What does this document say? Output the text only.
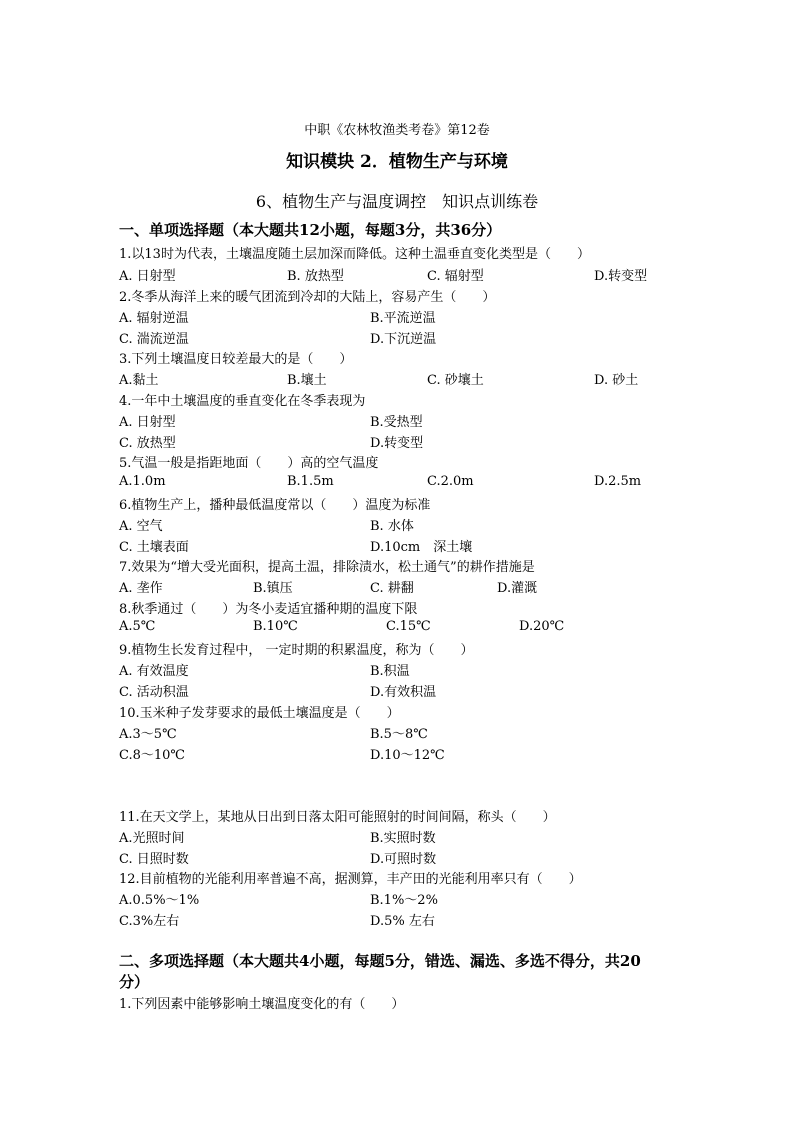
中职《农林牧渔类考卷》第12卷
知识模块 2．植物生产与环境
6、植物生产与温度调控　知识点训练卷
一、单项选择题（本大题共12小题，每题3分，共36分）
1.以13时为代表，土壤温度随土层加深而降低。这种土温垂直变化类型是（　　）
A. 日射型	B. 放热型	C. 辐射型	D.转变型
2.冬季从海洋上来的暖气团流到冷却的大陆上，容易产生（　　）
A. 辐射逆温	B.平流逆温
C. 湍流逆温	D.下沉逆温
3.下列土壤温度日较差最大的是（　　）
A.黏土	B.壤土	C. 砂壤土	D. 砂土
4.一年中土壤温度的垂直变化在冬季表现为
A. 日射型	B.受热型
C. 放热型	D.转变型
5.气温一般是指距地面（　　）高的空气温度
A.1.0m	B.1.5m	C.2.0m	D.2.5m
6.植物生产上，播种最低温度常以（　　）温度为标准
A. 空气	B. 水体
C. 土壤表面	D.10cm　深土壤
7.效果为“增大受光面积，提高土温，排除渍水，松土通气”的耕作措施是
A. 垄作	B.镇压	C. 耕翻	D.灌溉
8.秋季通过（　　）为冬小麦适宜播种期的温度下限
A.5℃	B.10℃	C.15℃	D.20℃
9.植物生长发育过程中， 一定时期的积累温度，称为（　　）
A. 有效温度	B.积温
C. 活动积温	D.有效积温
10.玉米种子发芽要求的最低土壤温度是（　　）
A.3～5℃	B.5～8℃
C.8～10℃	D.10～12℃
11.在天文学上，某地从日出到日落太阳可能照射的时间间隔，称头（　　）
A.光照时间	B.实照时数
C. 日照时数	D.可照时数
12.目前植物的光能利用率普遍不高，据测算，丰产田的光能利用率只有（　　）
A.0.5%～1%	B.1%～2%
C.3%左右	D.5% 左右
二、多项选择题（本大题共4小题，每题5分，错选、漏选、多选不得分，共20
分）
1.下列因素中能够影响土壤温度变化的有（　　）
